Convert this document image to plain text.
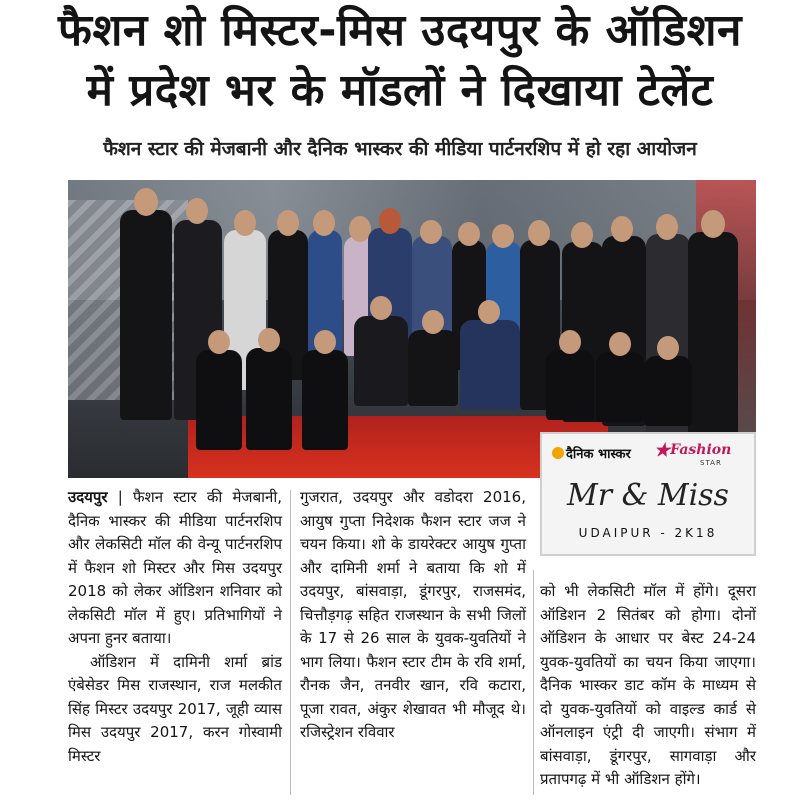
फैशन शो मिस्टर-मिस उदयपुर के ऑडिशन
में प्रदेश भर के मॉडलों ने दिखाया टेलेंट
फैशन स्टार की मेजबानी और दैनिक भास्कर की मीडिया पार्टनरशिप में हो रहा आयोजन
दैनिक भास्कर ★Fashion
STAR
Mr & Miss
UDAIPUR - 2K18

उदयपुर | फैशन स्टार की मेजबानी, दैनिक भास्कर की मीडिया पार्टनरशिप और लेकसिटी मॉल की वेन्यू पार्टनरशिप में फैशन शो मिस्टर और मिस उदयपुर 2018 को लेकर ऑडिशन शनिवार को लेकसिटी मॉल में हुए। प्रतिभागियों ने अपना हुनर बताया।

ऑडिशन में दामिनी शर्मा ब्रांड एंबेसेडर मिस राजस्थान, राज मलकीत सिंह मिस्टर उदयपुर 2017, जूही व्यास मिस उदयपुर 2017, करन गोस्वामी मिस्टर

गुजरात, उदयपुर और वडोदरा 2016, आयुष गुप्ता निदेशक फैशन स्टार जज ने चयन किया। शो के डायरेक्टर आयुष गुप्ता और दामिनी शर्मा ने बताया कि शो में उदयपुर, बांसवाड़ा, डूंगरपुर, राजसमंद, चित्तौड़गढ़ सहित राजस्थान के सभी जिलों के 17 से 26 साल के युवक-युवतियों ने भाग लिया। फैशन स्टार टीम के रवि शर्मा, रौनक जैन, तनवीर खान, रवि कटारा, पूजा रावत, अंकुर शेखावत भी मौजूद थे। रजिस्ट्रेशन रविवार

को भी लेकसिटी मॉल में होंगे। दूसरा ऑडिशन 2 सितंबर को होगा। दोनों ऑडिशन के आधार पर बेस्ट 24-24 युवक-युवतियों का चयन किया जाएगा। दैनिक भास्कर डाट कॉम के माध्यम से दो युवक-युवतियों को वाइल्ड कार्ड से ऑनलाइन एंट्री दी जाएगी। संभाग में बांसवाड़ा, डूंगरपुर, सागवाड़ा और प्रतापगढ़ में भी ऑडिशन होंगे।
